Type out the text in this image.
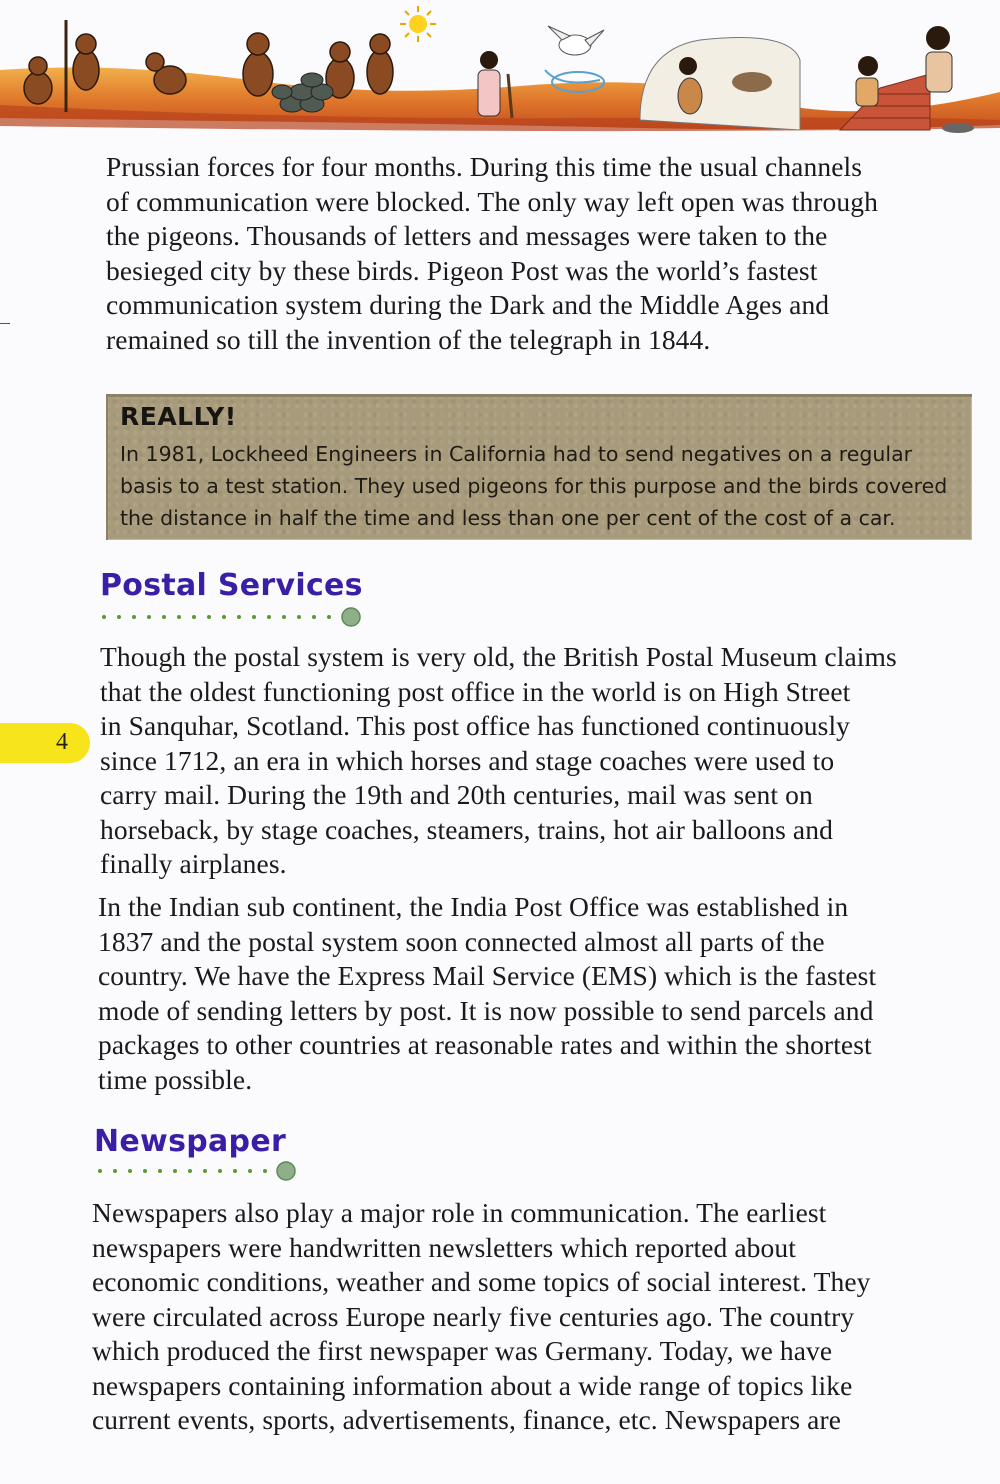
Prussian forces for four months. During this time the usual channels
of communication were blocked. The only way left open was through
the pigeons. Thousands of letters and messages were taken to the
besieged city by these birds. Pigeon Post was the world’s fastest
communication system during the Dark and the Middle Ages and
remained so till the invention of the telegraph in 1844.

REALLY!
In 1981, Lockheed Engineers in California had to send negatives on a regular
basis to a test station. They used pigeons for this purpose and the birds covered
the distance in half the time and less than one per cent of the cost of a car.
Postal Services

Though the postal system is very old, the British Postal Museum claims
that the oldest functioning post office in the world is on High Street
in Sanquhar, Scotland. This post office has functioned continuously
since 1712, an era in which horses and stage coaches were used to
carry mail. During the 19th and 20th centuries, mail was sent on
horseback, by stage coaches, steamers, trains, hot air balloons and
finally airplanes.

In the Indian sub continent, the India Post Office was established in
1837 and the postal system soon connected almost all parts of the
country. We have the Express Mail Service (EMS) which is the fastest
mode of sending letters by post. It is now possible to send parcels and
packages to other countries at reasonable rates and within the shortest
time possible.

4
Newspaper

Newspapers also play a major role in communication. The earliest
newspapers were handwritten newsletters which reported about
economic conditions, weather and some topics of social interest. They
were circulated across Europe nearly five centuries ago. The country
which produced the first newspaper was Germany. Today, we have
newspapers containing information about a wide range of topics like
current events, sports, advertisements, finance, etc. Newspapers are
